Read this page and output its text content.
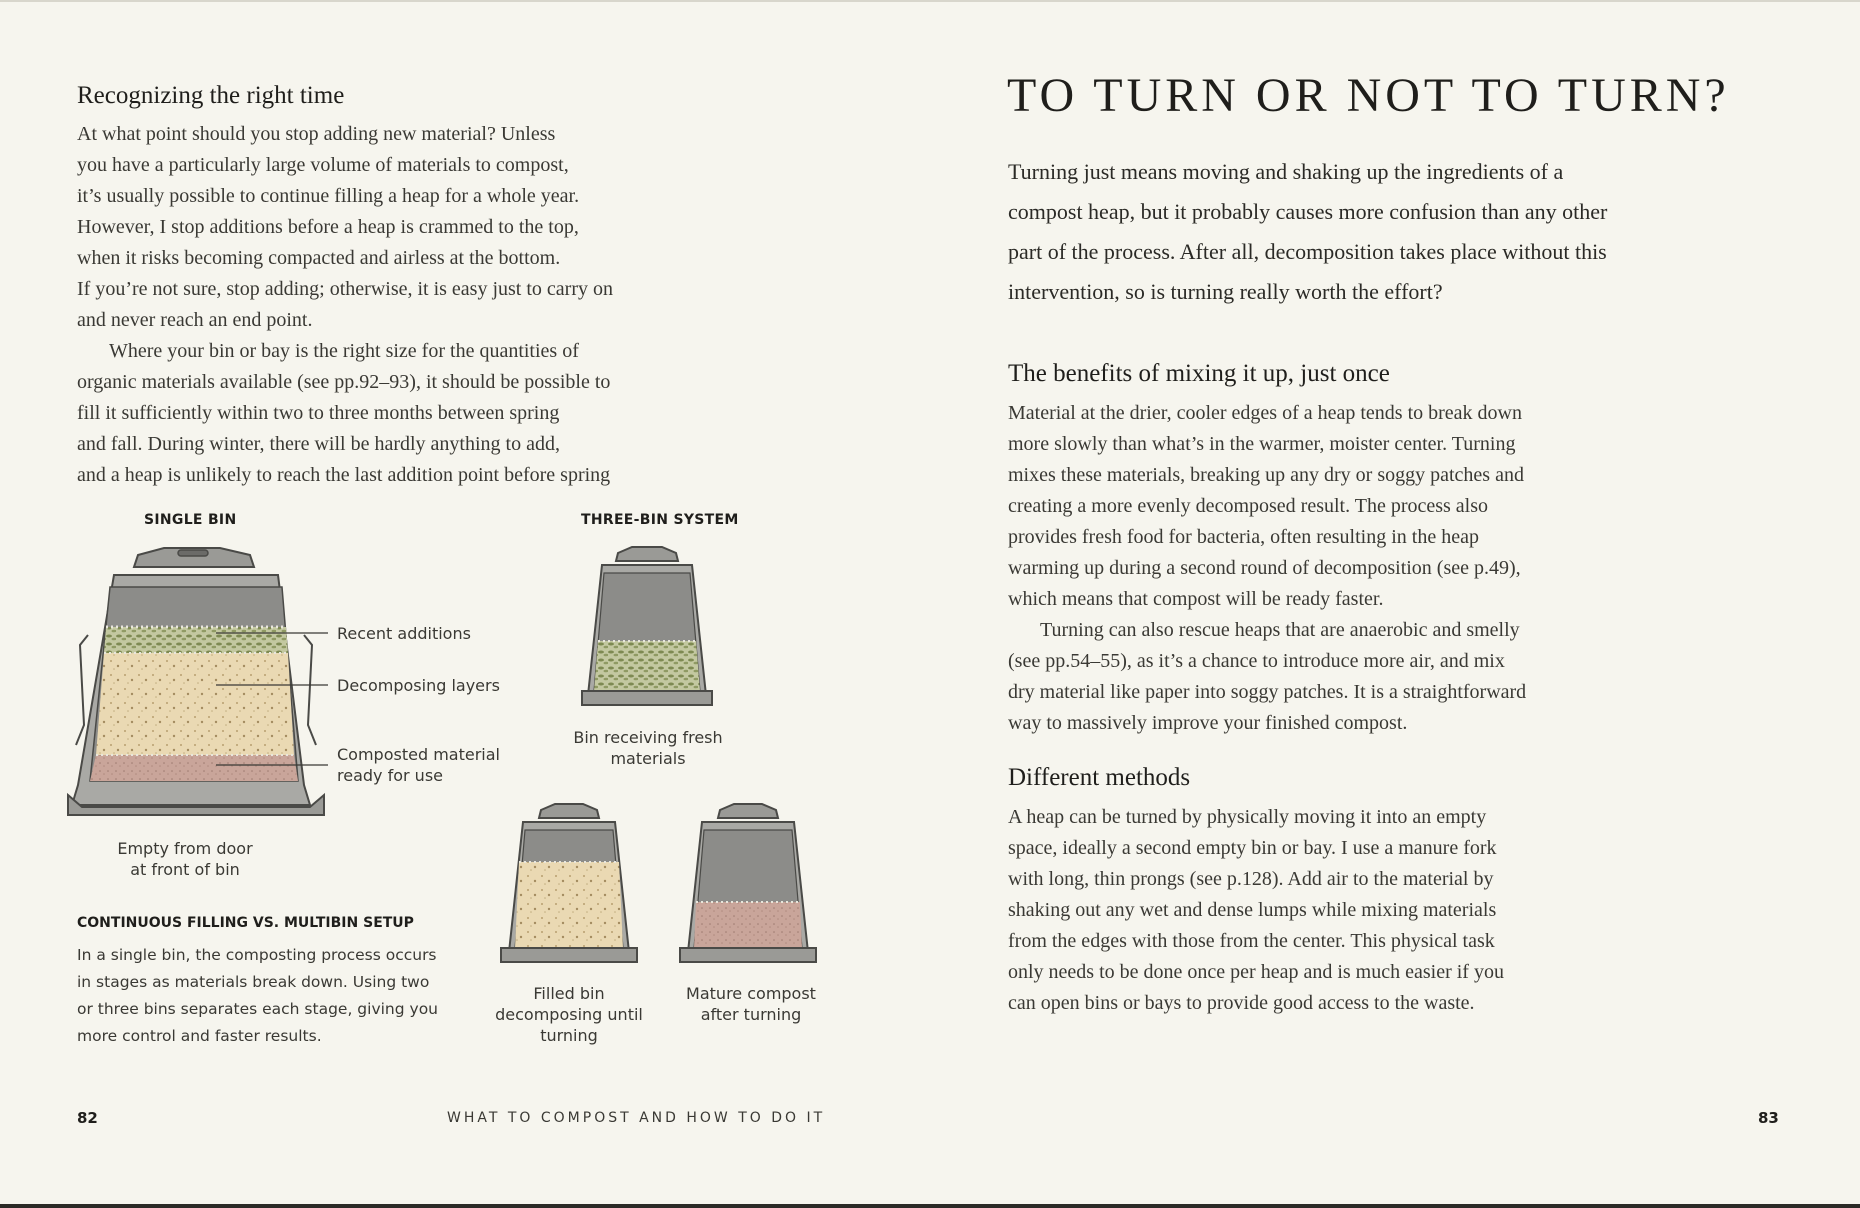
Recognizing the right time
At what point should you stop adding new material? Unless
you have a particularly large volume of materials to compost,
it’s usually possible to continue filling a heap for a whole year.
However, I stop additions before a heap is crammed to the top,
when it risks becoming compacted and airless at the bottom.
If you’re not sure, stop adding; otherwise, it is easy just to carry on
and never reach an end point.
Where your bin or bay is the right size for the quantities of
organic materials available (see pp.92–93), it should be possible to
fill it sufficiently within two to three months between spring
and fall. During winter, there will be hardly anything to add,
and a heap is unlikely to reach the last addition point before spring
SINGLE BIN	THREE-BIN SYSTEM
Recent additions
Decomposing layers
Composted material
ready for use
Empty from door
at front of bin
Bin receiving fresh
materials
Filled bin
decomposing until
turning
Mature compost
after turning
CONTINUOUS FILLING VS. MULTIBIN SETUP
In a single bin, the composting process occurs
in stages as materials break down. Using two
or three bins separates each stage, giving you
more control and faster results.
82	WHAT TO COMPOST AND HOW TO DO IT
TO TURN OR NOT TO TURN?
Turning just means moving and shaking up the ingredients of a
compost heap, but it probably causes more confusion than any other
part of the process. After all, decomposition takes place without this
intervention, so is turning really worth the effort?
The benefits of mixing it up, just once
Material at the drier, cooler edges of a heap tends to break down
more slowly than what’s in the warmer, moister center. Turning
mixes these materials, breaking up any dry or soggy patches and
creating a more evenly decomposed result. The process also
provides fresh food for bacteria, often resulting in the heap
warming up during a second round of decomposition (see p.49),
which means that compost will be ready faster.
Turning can also rescue heaps that are anaerobic and smelly
(see pp.54–55), as it’s a chance to introduce more air, and mix
dry material like paper into soggy patches. It is a straightforward
way to massively improve your finished compost.
Different methods
A heap can be turned by physically moving it into an empty
space, ideally a second empty bin or bay. I use a manure fork
with long, thin prongs (see p.128). Add air to the material by
shaking out any wet and dense lumps while mixing materials
from the edges with those from the center. This physical task
only needs to be done once per heap and is much easier if you
can open bins or bays to provide good access to the waste.
83
